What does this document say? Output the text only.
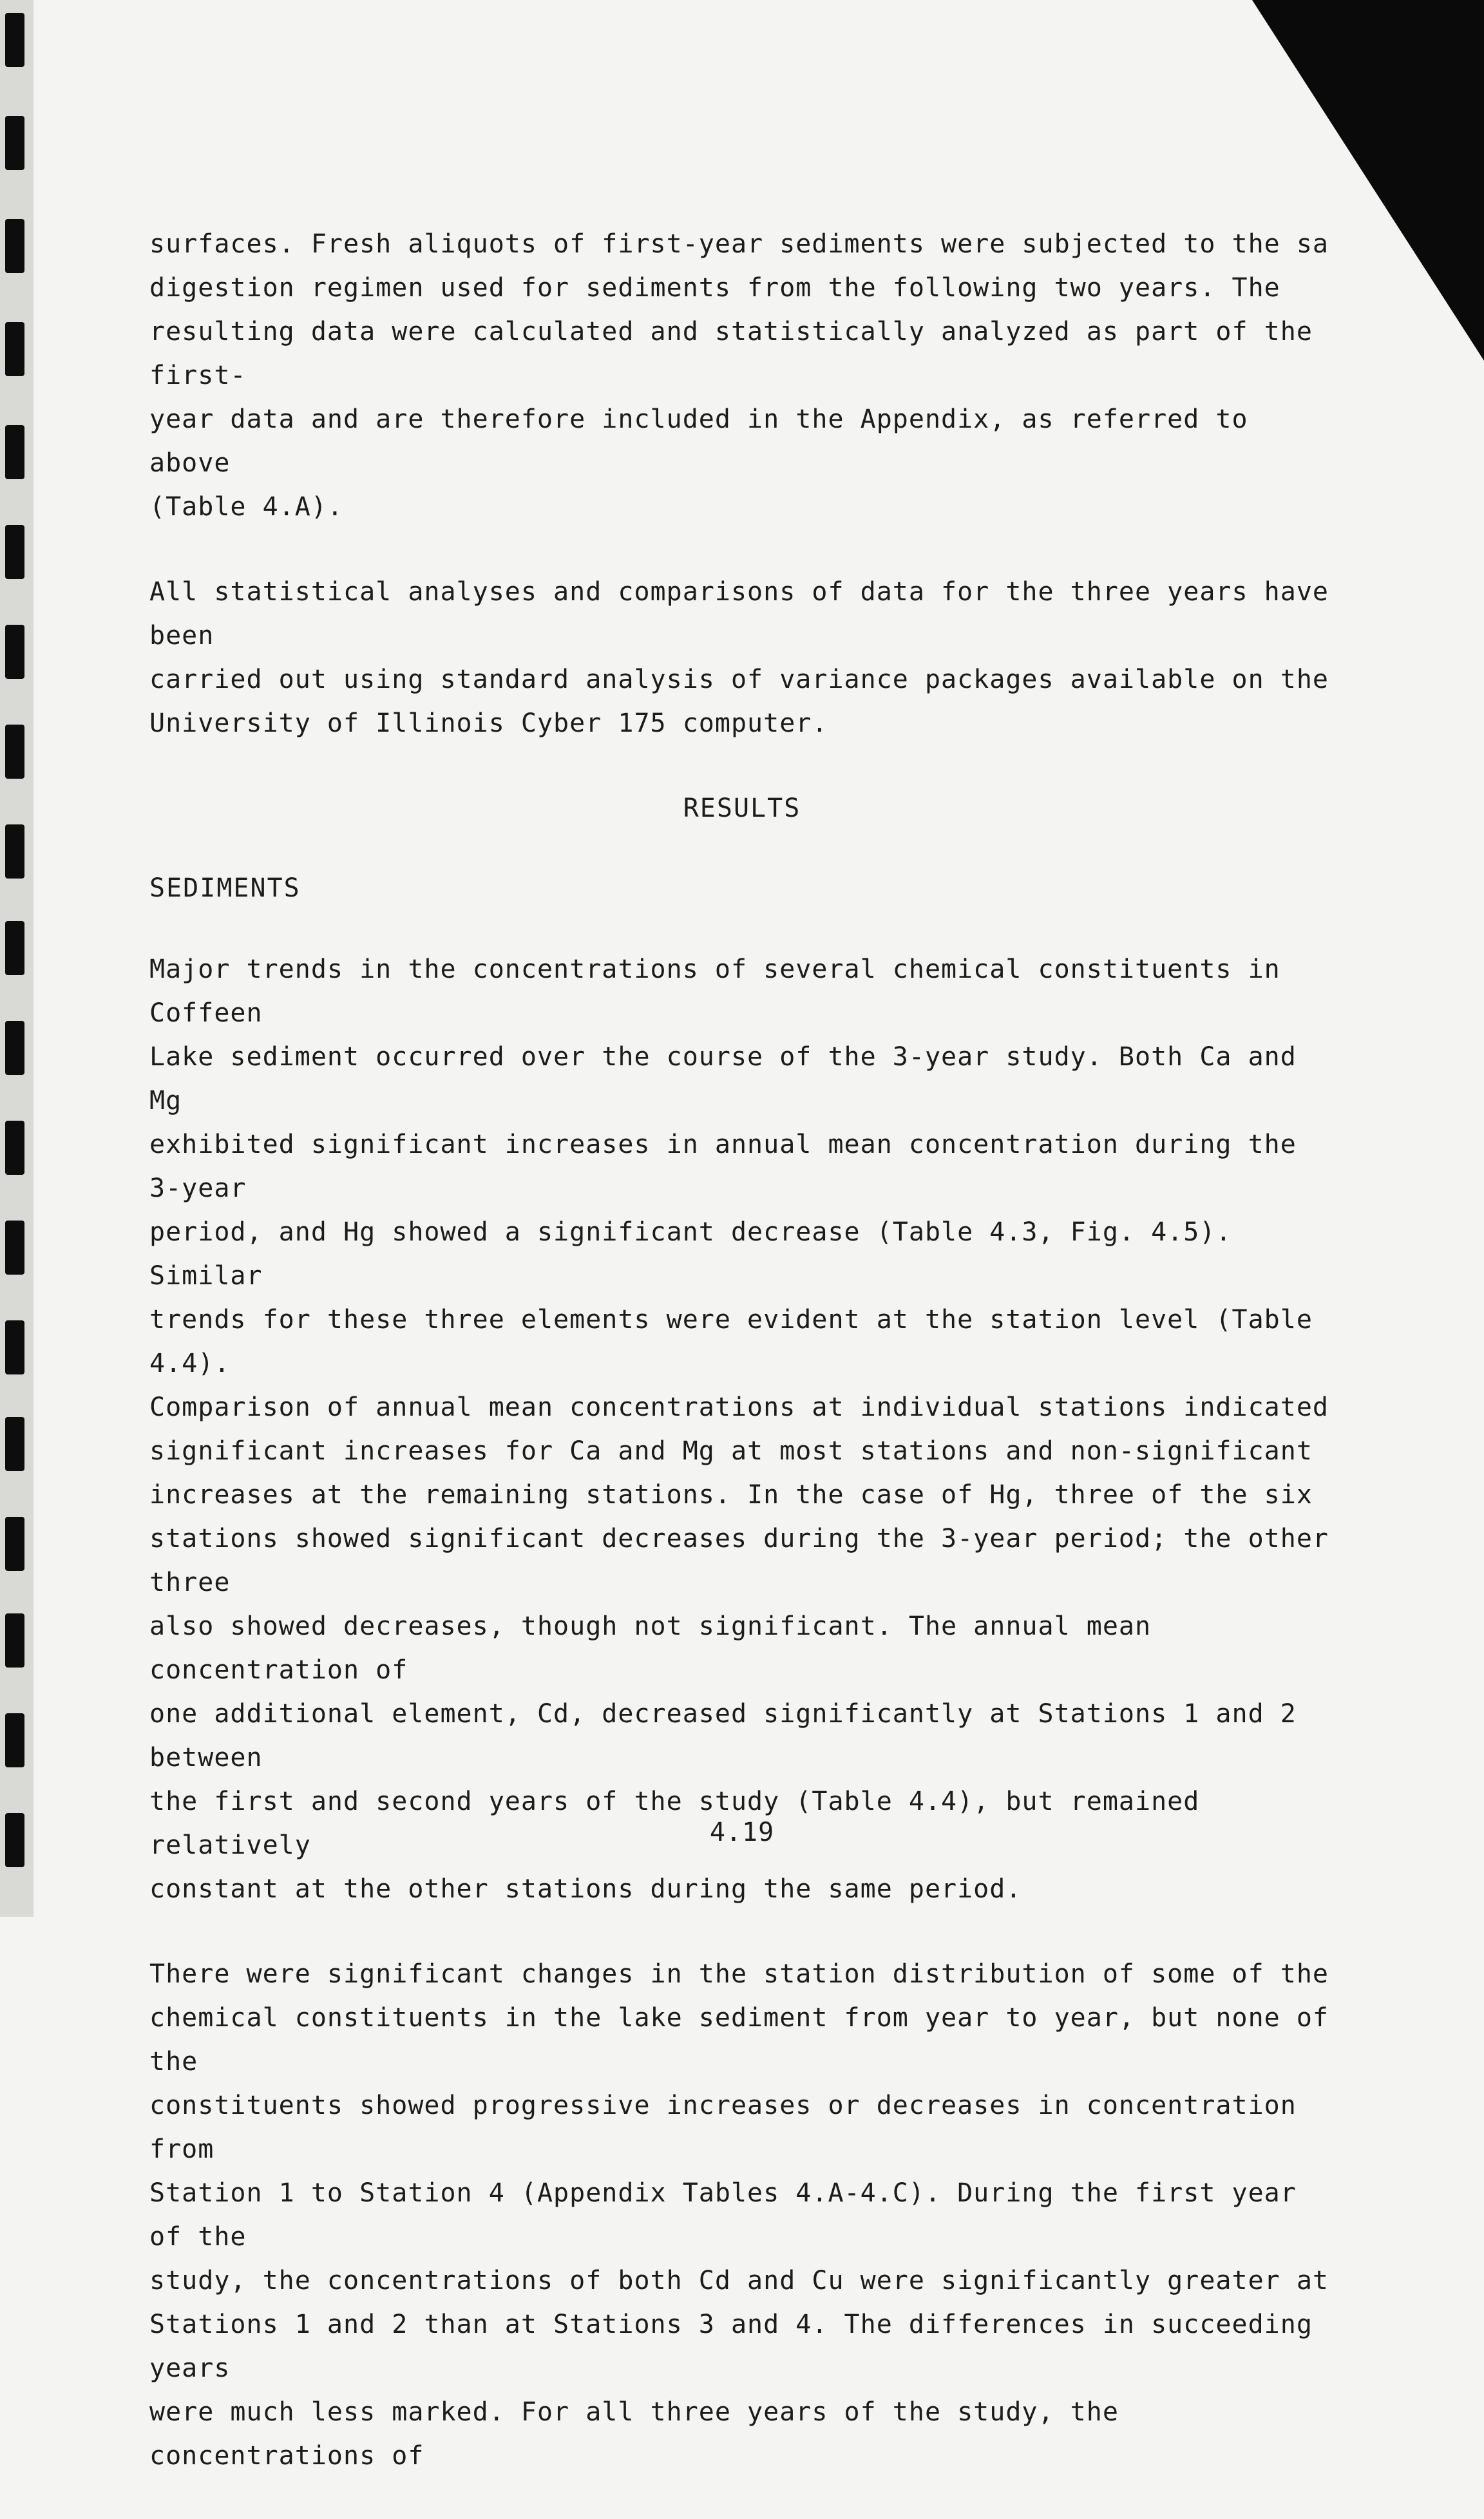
surfaces. Fresh aliquots of first-year sediments were subjected to the sa
digestion regimen used for sediments from the following two years. The
resulting data were calculated and statistically analyzed as part of the first-
year data and are therefore included in the Appendix, as referred to above
(Table 4.A).

All statistical analyses and comparisons of data for the three years have been
carried out using standard analysis of variance packages available on the
University of Illinois Cyber 175 computer.

RESULTS
SEDIMENTS

Major trends in the concentrations of several chemical constituents in Coffeen
Lake sediment occurred over the course of the 3-year study. Both Ca and Mg
exhibited significant increases in annual mean concentration during the 3-year
period, and Hg showed a significant decrease (Table 4.3, Fig. 4.5). Similar
trends for these three elements were evident at the station level (Table 4.4).
Comparison of annual mean concentrations at individual stations indicated
significant increases for Ca and Mg at most stations and non-significant
increases at the remaining stations. In the case of Hg, three of the six
stations showed significant decreases during the 3-year period; the other three
also showed decreases, though not significant. The annual mean concentration of
one additional element, Cd, decreased significantly at Stations 1 and 2 between
the first and second years of the study (Table 4.4), but remained relatively
constant at the other stations during the same period.

There were significant changes in the station distribution of some of the
chemical constituents in the lake sediment from year to year, but none of the
constituents showed progressive increases or decreases in concentration from
Station 1 to Station 4 (Appendix Tables 4.A-4.C). During the first year of the
study, the concentrations of both Cd and Cu were significantly greater at
Stations 1 and 2 than at Stations 3 and 4. The differences in succeeding years
were much less marked. For all three years of the study, the concentrations of

4.19
